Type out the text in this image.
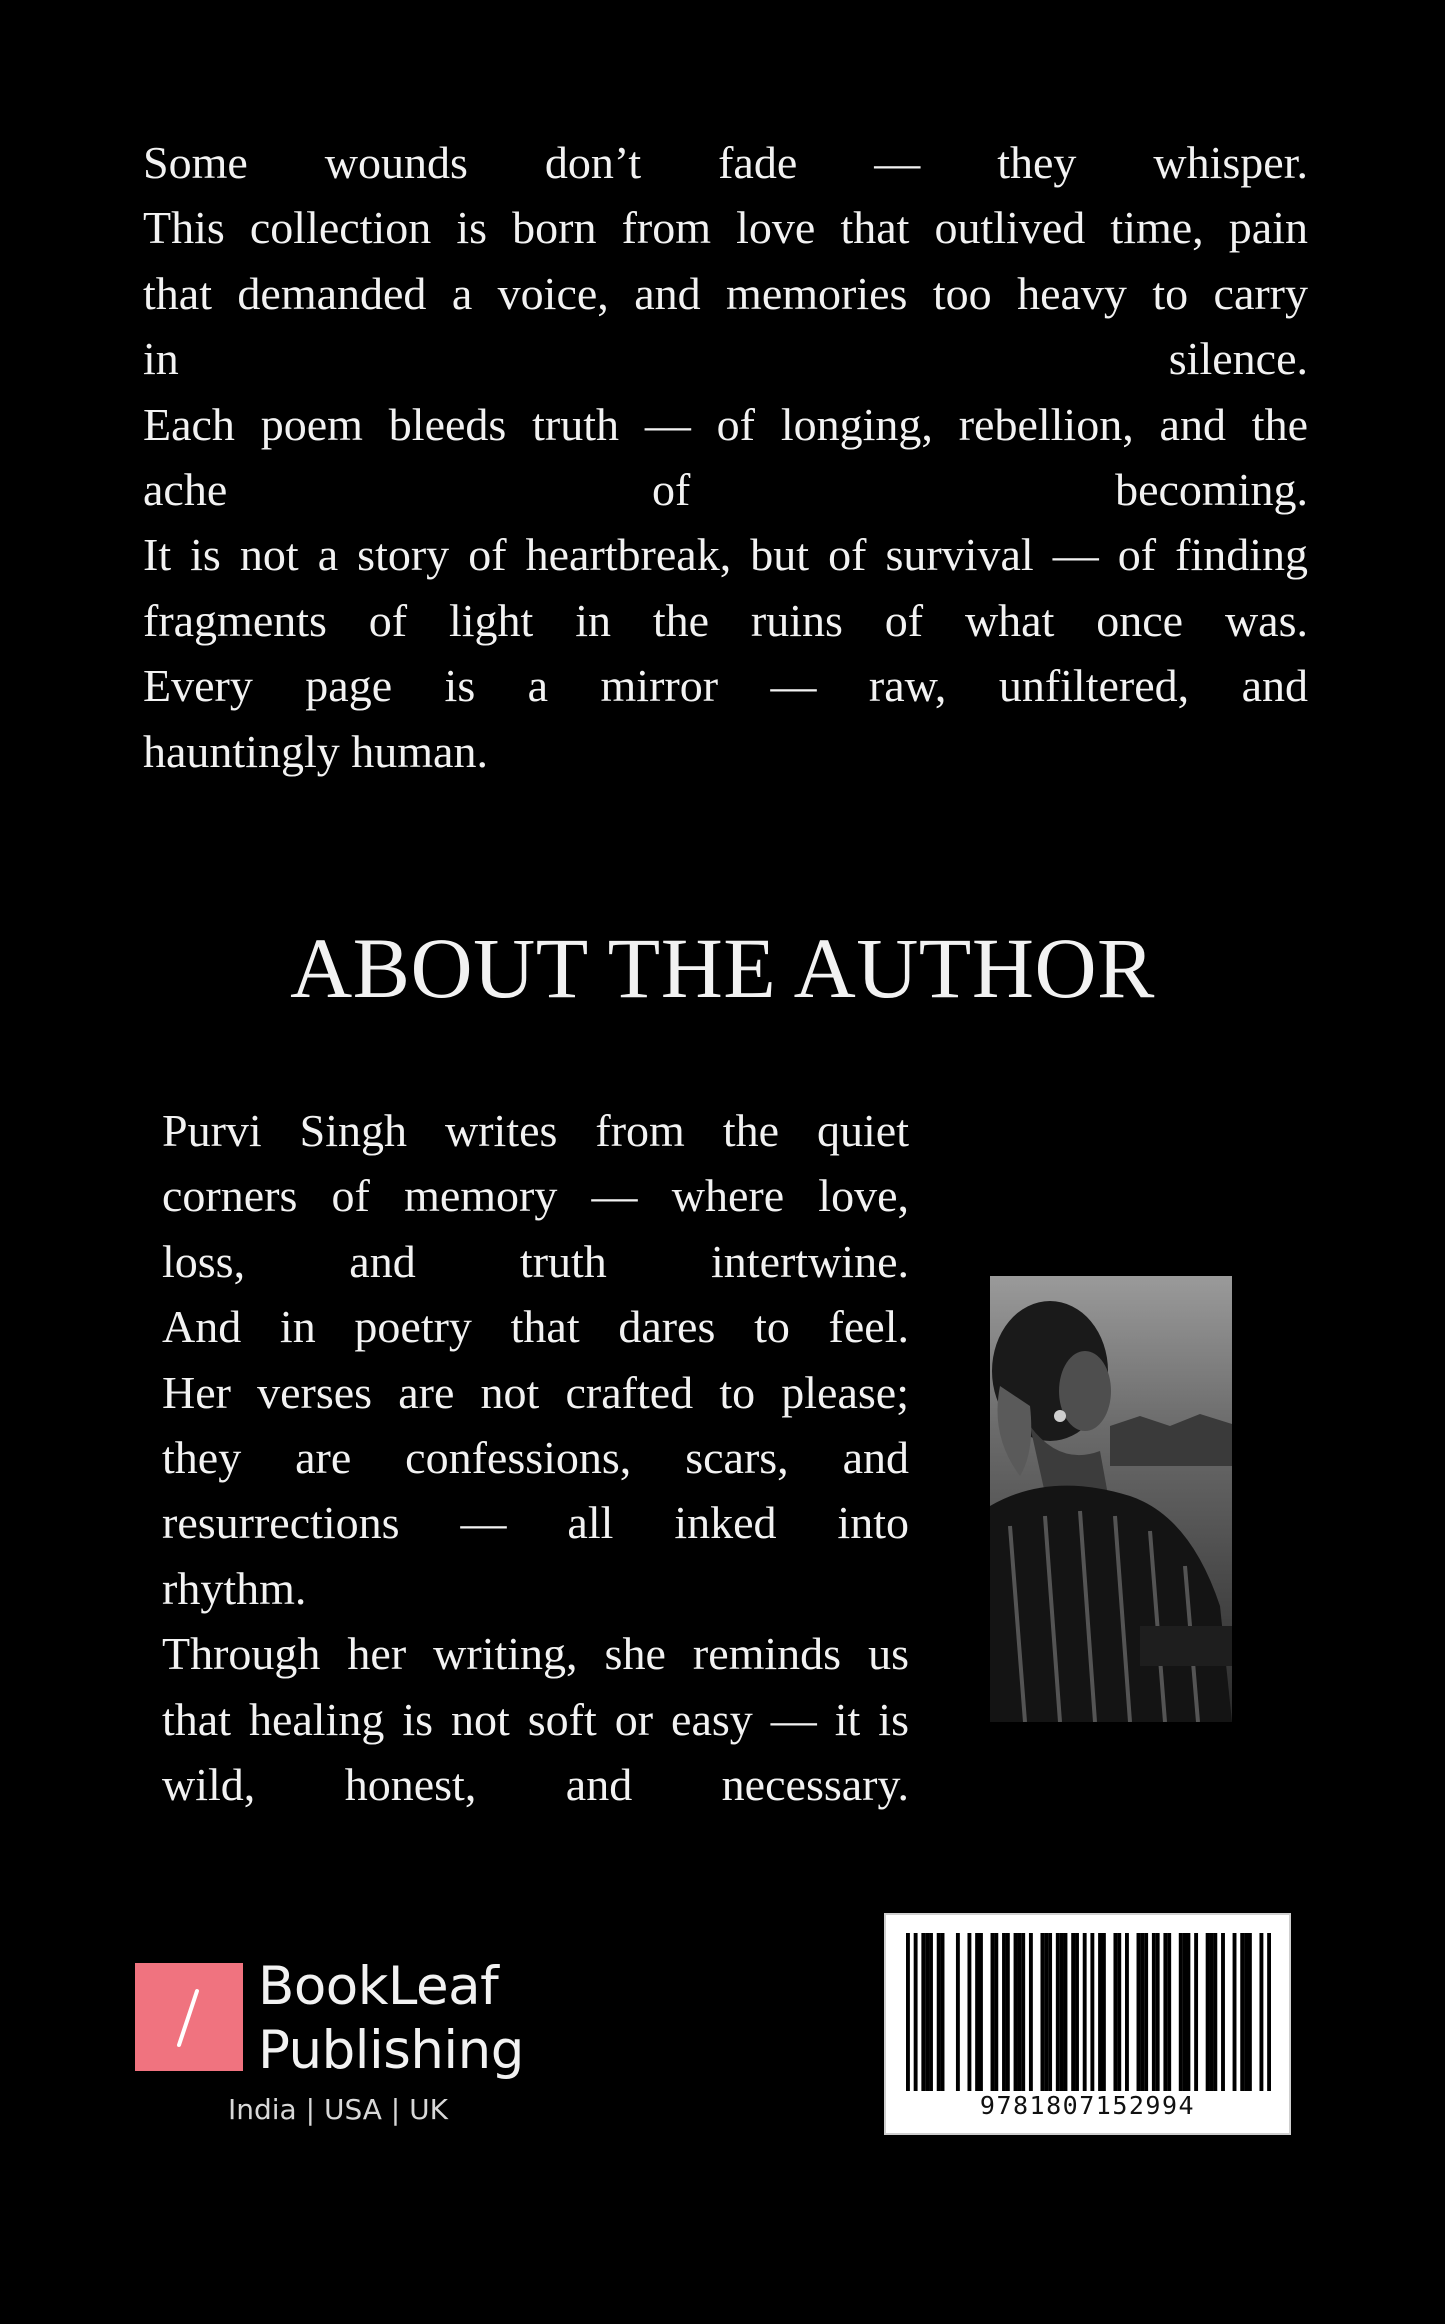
Some wounds don’t fade — they whisper.
This collection is born from love that outlived time, pain
that demanded a voice, and memories too heavy to carry
in silence.
Each poem bleeds truth — of longing, rebellion, and the
ache of becoming.
It is not a story of heartbreak, but of survival — of finding
fragments of light in the ruins of what once was.
Every page is a mirror — raw, unfiltered, and
hauntingly human.
ABOUT THE AUTHOR
Purvi Singh writes from the quiet
corners of memory — where love,
loss, and truth intertwine.
And in poetry that dares to feel.
Her verses are not crafted to please;
they are confessions, scars, and
resurrections — all inked into
rhythm.
Through her writing, she reminds us
that healing is not soft or easy — it is
wild, honest, and necessary.
BookLeaf
Publishing
India | USA | UK	9781807152994
